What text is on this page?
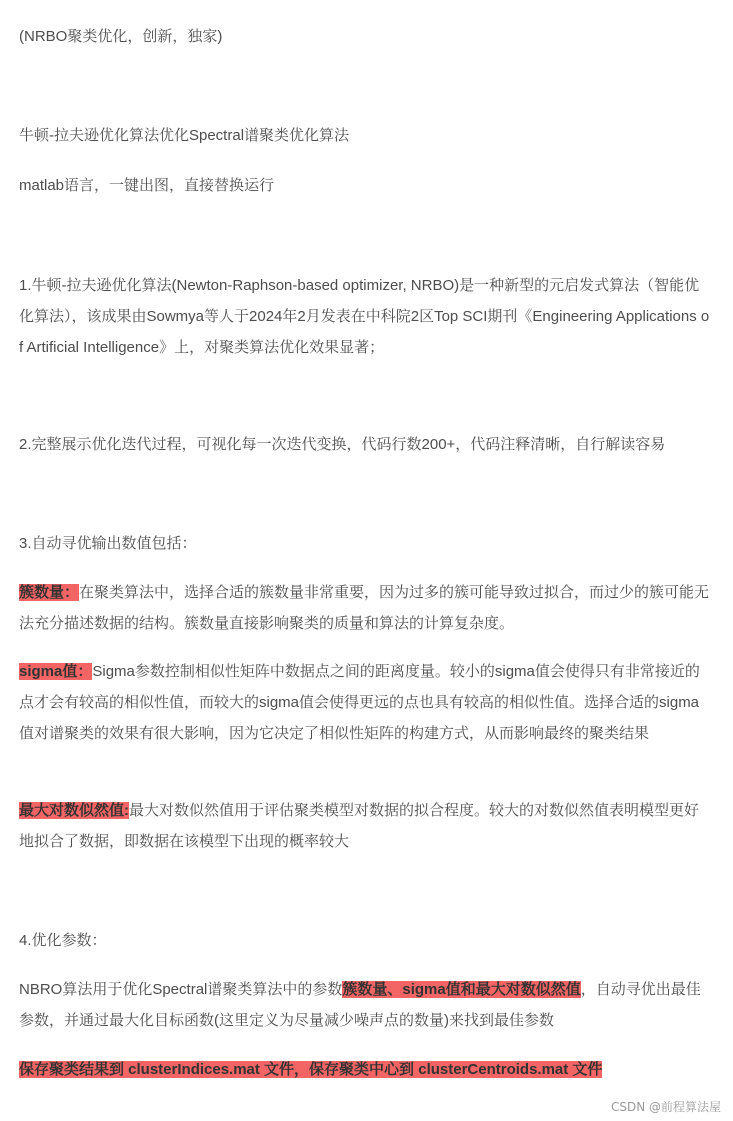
(NRBO聚类优化，创新，独家)

牛顿-拉夫逊优化算法优化Spectral谱聚类优化算法

matlab语言，一键出图，直接替换运行

1.牛顿-拉夫逊优化算法(Newton-Raphson-based optimizer, NRBO)是一种新型的元启发式算法（智能优化算法），该成果由Sowmya等人于2024年2月发表在中科院2区Top SCI期刊《Engineering Applications of Artificial Intelligence》上，对聚类算法优化效果显著；

2.完整展示优化迭代过程，可视化每一次迭代变换，代码行数200+，代码注释清晰，自行解读容易

3.自动寻优输出数值包括：

簇数量：在聚类算法中，选择合适的簇数量非常重要，因为过多的簇可能导致过拟合，而过少的簇可能无法充分描述数据的结构。簇数量直接影响聚类的质量和算法的计算复杂度。

sigma值：Sigma参数控制相似性矩阵中数据点之间的距离度量。较小的sigma值会使得只有非常接近的点才会有较高的相似性值，而较大的sigma值会使得更远的点也具有较高的相似性值。选择合适的sigma值对谱聚类的效果有很大影响，因为它决定了相似性矩阵的构建方式，从而影响最终的聚类结果

最大对数似然值:最大对数似然值用于评估聚类模型对数据的拟合程度。较大的对数似然值表明模型更好地拟合了数据，即数据在该模型下出现的概率较大

4.优化参数：

NBRO算法用于优化Spectral谱聚类算法中的参数簇数量、sigma值和最大对数似然值，自动寻优出最佳参数，并通过最大化目标函数(这里定义为尽量减少噪声点的数量)来找到最佳参数

保存聚类结果到 clusterIndices.mat 文件，保存聚类中心到 clusterCentroids.mat 文件

CSDN @前程算法屋
